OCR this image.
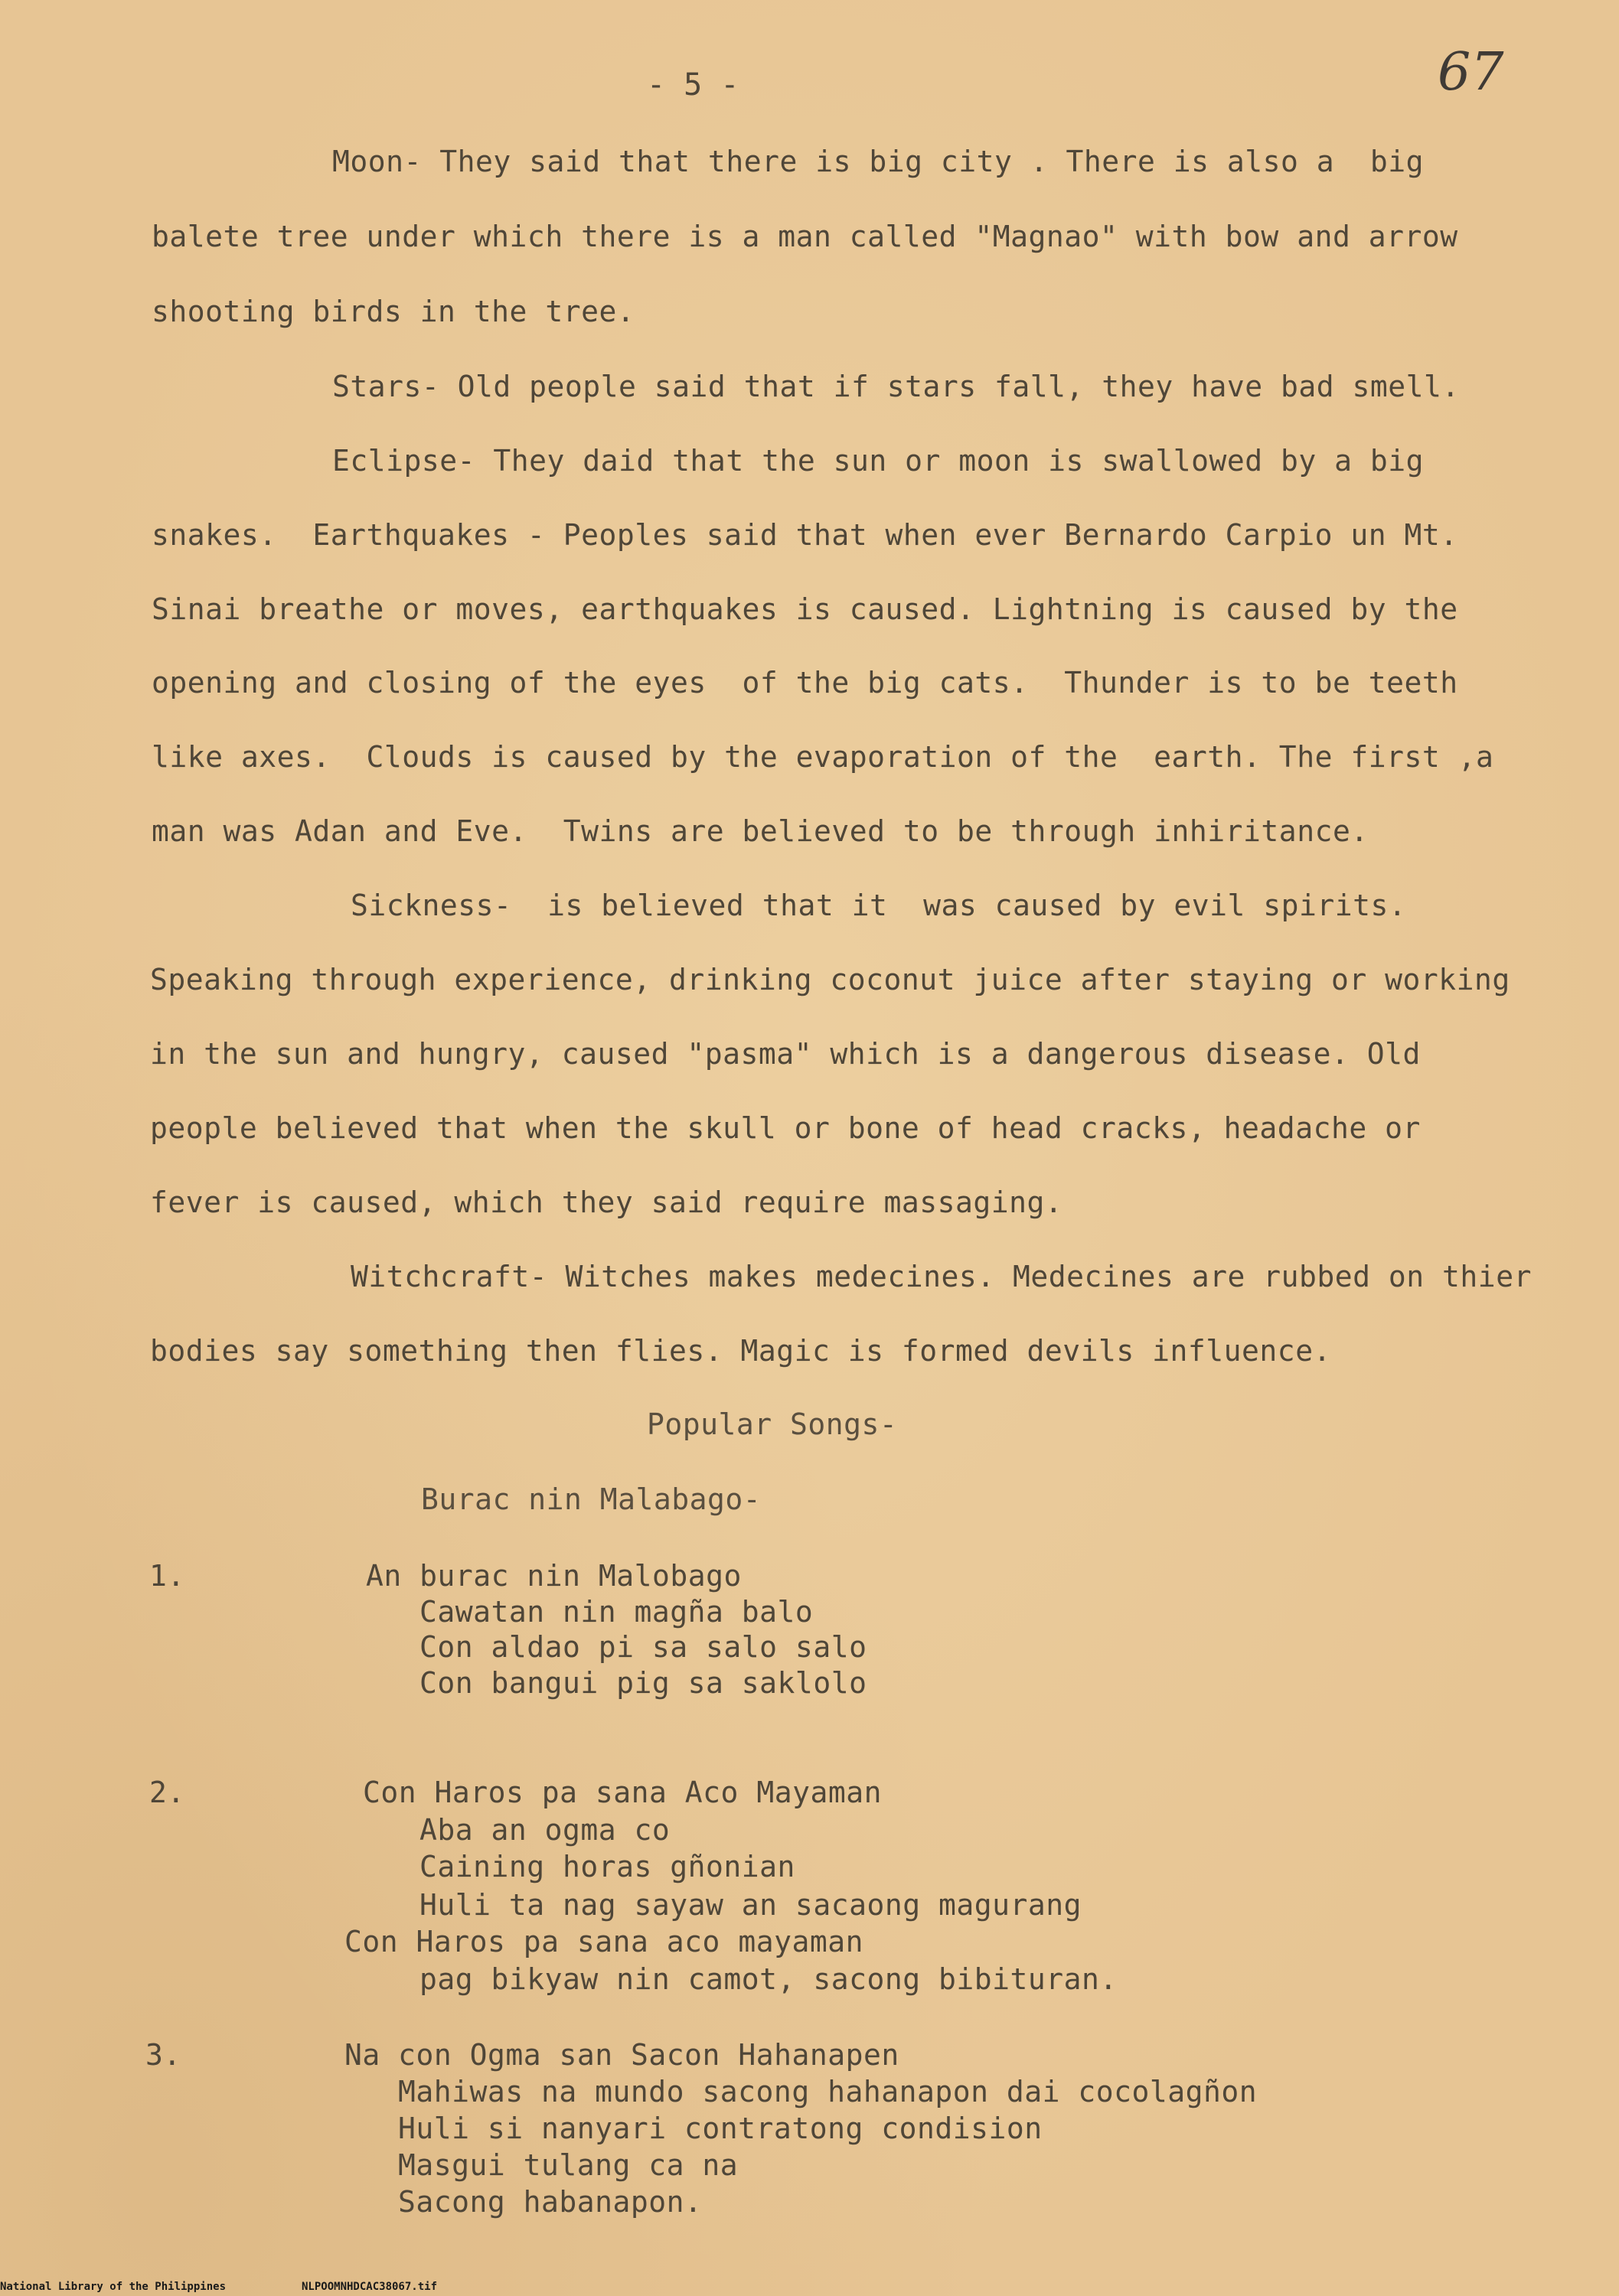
- 5 -	67
Moon- They said that there is big city . There is also a  big
balete tree under which there is a man called "Magnao" with bow and arrow
shooting birds in the tree.
Stars- Old people said that if stars fall, they have bad smell.
Eclipse- They daid that the sun or moon is swallowed by a big
snakes.  Earthquakes - Peoples said that when ever Bernardo Carpio un Mt.
Sinai breathe or moves, earthquakes is caused. Lightning is caused by the
opening and closing of the eyes  of the big cats.  Thunder is to be teeth
like axes.  Clouds is caused by the evaporation of the  earth. The first ,a
man was Adan and Eve.  Twins are believed to be through inhiritance.
Sickness-  is believed that it  was caused by evil spirits.
Speaking through experience, drinking coconut juice after staying or working
in the sun and hungry, caused "pasma" which is a dangerous disease. Old
people believed that when the skull or bone of head cracks, headache or
fever is caused, which they said require massaging.
Witchcraft- Witches makes medecines. Medecines are rubbed on thier
bodies say something then flies. Magic is formed devils influence.
Popular Songs-
Burac nin Malabago-
1.	An burac nin Malobago
Cawatan nin magña balo
Con aldao pi sa salo salo
Con bangui pig sa saklolo
2.	Con Haros pa sana Aco Mayaman
Aba an ogma co
Caining horas gñonian
Huli ta nag sayaw an sacaong magurang
Con Haros pa sana aco mayaman
pag bikyaw nin camot, sacong bibituran.
3.	Na con Ogma san Sacon Hahanapen
Mahiwas na mundo sacong hahanapon dai cocolagñon
Huli si nanyari contratong condision
Masgui tulang ca na
Sacong habanapon.
National Library of the Philippines	NLPOOMNHDCAC38067.tif
